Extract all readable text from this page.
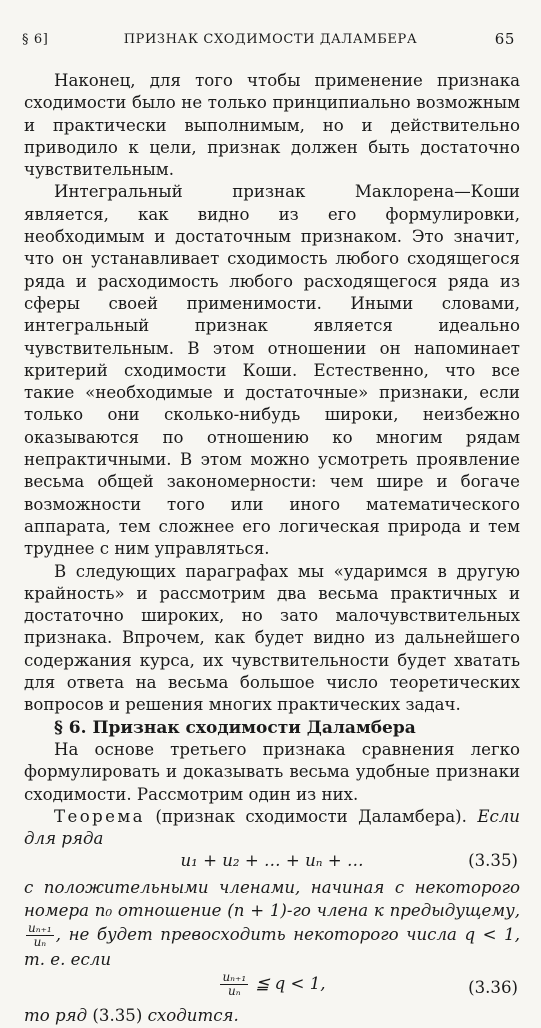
§ 6]	ПРИЗНАК СХОДИМОСТИ ДАЛАМБЕРА	65

Наконец, для того чтобы применение признака сходимости было не только принципиально возможным и практически выполнимым, но и действительно приводило к цели, признак должен быть достаточно чувствительным.

Интегральный признак Маклорена—Коши является, как видно из его формулировки, необходимым и достаточным признаком. Это значит, что он устанавливает сходимость любого сходящегося ряда и расходимость любого расходящегося ряда из сферы своей применимости. Иными словами, интегральный признак является идеально чувствительным. В этом отношении он напоминает критерий сходимости Коши. Естественно, что все такие «необходимые и достаточные» признаки, если только они сколько-нибудь широки, неизбежно оказываются по отношению ко многим рядам непрактичными. В этом можно усмотреть проявление весьма общей закономерности: чем шире и богаче возможности того или иного математического аппарата, тем сложнее его логическая природа и тем труднее с ним управляться.

В следующих параграфах мы «ударимся в другую крайность» и рассмотрим два весьма практичных и достаточно широких, но зато малочувствительных признака. Впрочем, как будет видно из дальнейшего содержания курса, их чувствительности будет хватать для ответа на весьма большое число теоретических вопросов и решения многих практических задач.

§ 6. Признак сходимости Даламбера

На основе третьего признака сравнения легко формулировать и доказывать весьма удобные признаки сходимости. Рассмотрим один из них.

Теорема (признак сходимости Даламбера). Если для ряда

u₁ + u₂ + … + uₙ + …	(3.35)

с положительными членами, начиная с некоторого номера n₀ отношение (n + 1)-го члена к предыдущему,
$\frac{\text{uₙ₊₁}}{\text{uₙ}}$ , не будет превосходить некоторого числа q < 1, т. е. если

$\frac{\text{uₙ₊₁}}{\text{uₙ}}$ ≦ q < 1,	(3.36)

то ряд (3.35) сходится.
